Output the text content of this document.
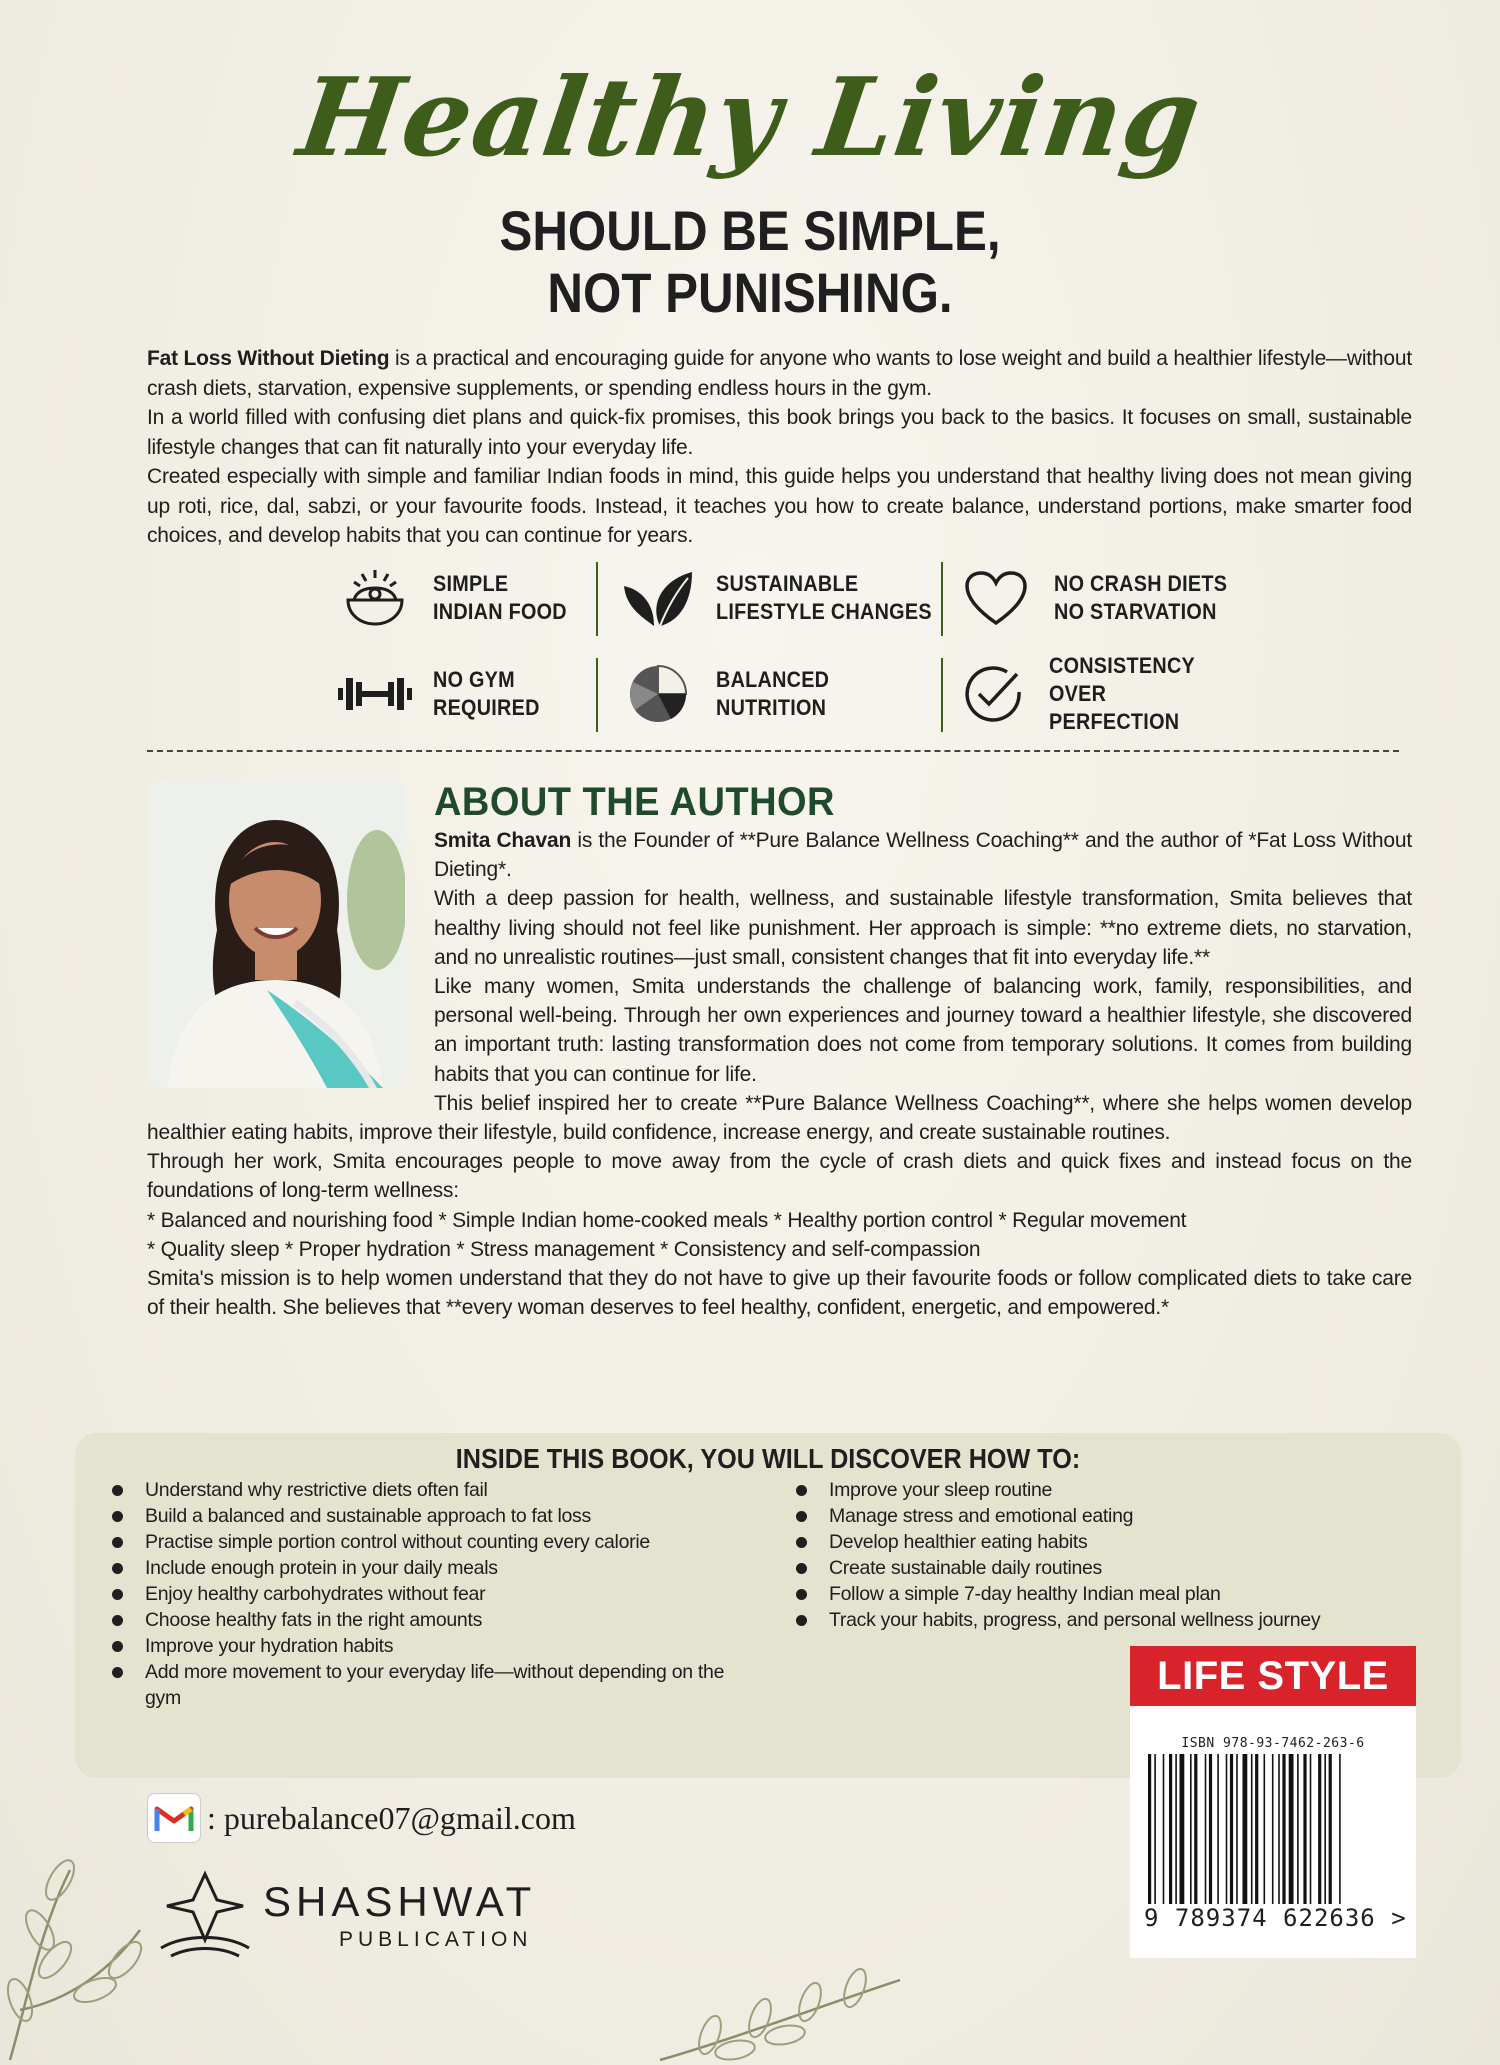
Healthy Living
SHOULD BE SIMPLE,
NOT PUNISHING.

Fat Loss Without Dieting is a practical and encouraging guide for anyone who wants to lose weight and build a healthier lifestyle—without crash diets, starvation, expensive supplements, or spending endless hours in the gym.

In a world filled with confusing diet plans and quick-fix promises, this book brings you back to the basics. It focuses on small, sustainable lifestyle changes that can fit naturally into your everyday life.

Created especially with simple and familiar Indian foods in mind, this guide helps you understand that healthy living does not mean giving up roti, rice, dal, sabzi, or your favourite foods. Instead, it teaches you how to create balance, understand portions, make smarter food choices, and develop habits that you can continue for years.

SIMPLE
INDIAN FOOD
SUSTAINABLE
LIFESTYLE CHANGES
NO CRASH DIETS
NO STARVATION
NO GYM
REQUIRED
BALANCED
NUTRITION
CONSISTENCY
OVER PERFECTION
ABOUT THE AUTHOR

Smita Chavan is the Founder of **Pure Balance Wellness Coaching** and the author of *Fat Loss Without Dieting*.

With a deep passion for health, wellness, and sustainable lifestyle transformation, Smita believes that healthy living should not feel like punishment. Her approach is simple: **no extreme diets, no starvation, and no unrealistic routines—just small, consistent changes that fit into everyday life.**

Like many women, Smita understands the challenge of balancing work, family, responsibilities, and personal well-being. Through her own experiences and journey toward a healthier lifestyle, she discovered an important truth: lasting transformation does not come from temporary solutions. It comes from building habits that you can continue for life.

This belief inspired her to create **Pure Balance Wellness Coaching**, where she helps women develop healthier eating habits, improve their lifestyle, build confidence, increase energy, and create sustainable routines.

Through her work, Smita encourages people to move away from the cycle of crash diets and quick fixes and instead focus on the foundations of long-term wellness:

* Balanced and nourishing food * Simple Indian home-cooked meals * Healthy portion control * Regular movement

* Quality sleep * Proper hydration * Stress management * Consistency and self-compassion

Smita's mission is to help women understand that they do not have to give up their favourite foods or follow complicated diets to take care of their health. She believes that **every woman deserves to feel healthy, confident, energetic, and empowered.*

INSIDE THIS BOOK, YOU WILL DISCOVER HOW TO:
Understand why restrictive diets often fail
Build a balanced and sustainable approach to fat loss
Practise simple portion control without counting every calorie
Include enough protein in your daily meals
Enjoy healthy carbohydrates without fear
Choose healthy fats in the right amounts
Improve your hydration habits
Add more movement to your everyday life—without depending on the gym
Improve your sleep routine
Manage stress and emotional eating
Develop healthier eating habits
Create sustainable daily routines
Follow a simple 7-day healthy Indian meal plan
Track your habits, progress, and personal wellness journey
LIFE STYLE
ISBN 978-93-7462-263-6
9 789374 622636 >
: purebalance07@gmail.com
SHASHWAT
PUBLICATION
